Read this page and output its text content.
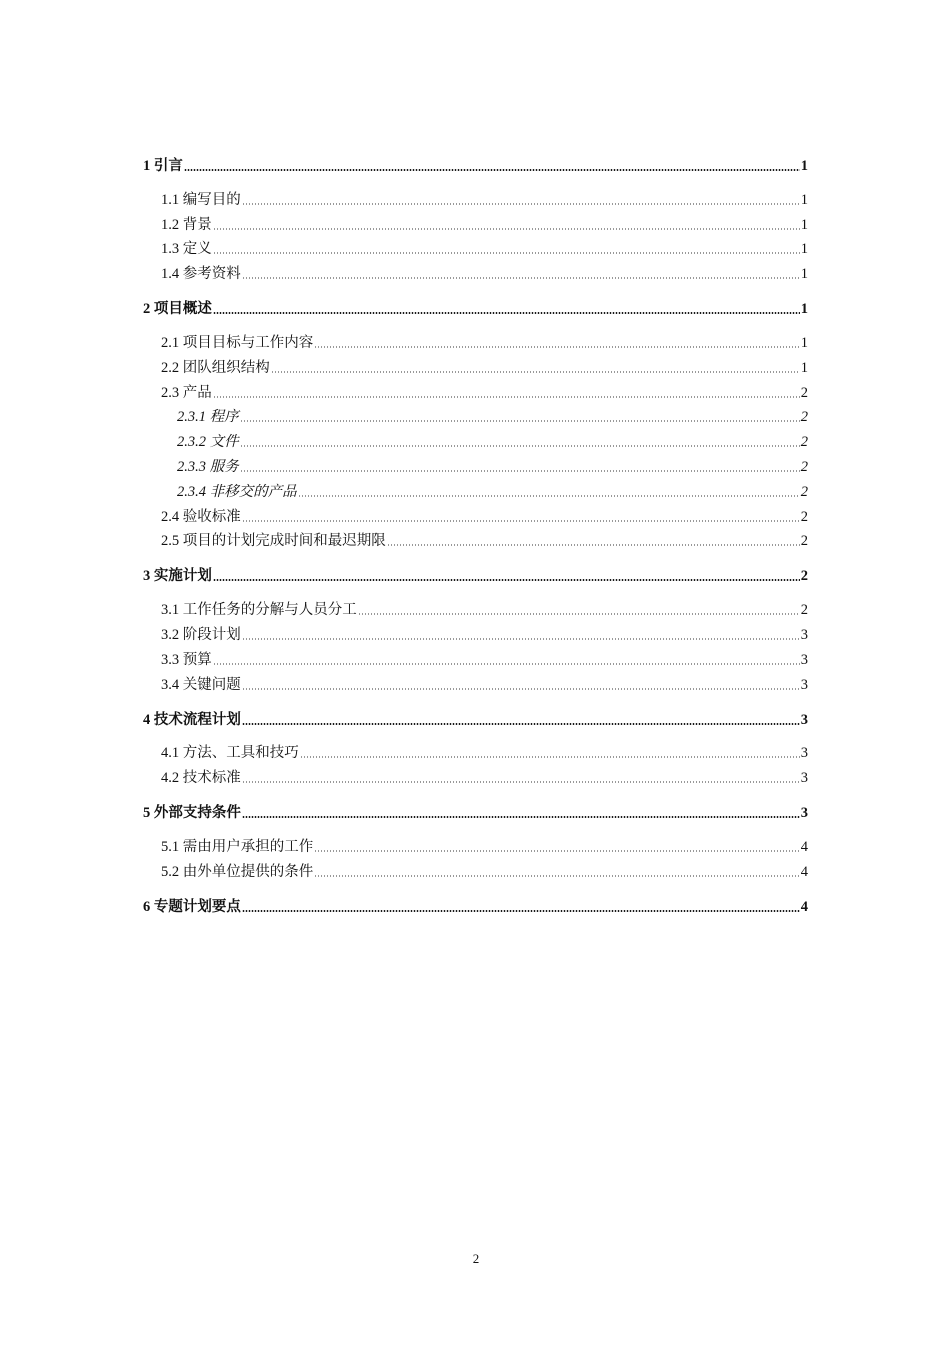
1 引言	1
1.1 编写目的	1
1.2 背景	1
1.3 定义	1
1.4 参考资料	1
2 项目概述	1
2.1 项目目标与工作内容	1
2.2 团队组织结构	1
2.3 产品	2
2.3.1 程序	2
2.3.2 文件	2
2.3.3 服务	2
2.3.4 非移交的产品	2
2.4 验收标准	2
2.5 项目的计划完成时间和最迟期限	2
3 实施计划	2
3.1 工作任务的分解与人员分工	2
3.2 阶段计划	3
3.3 预算	3
3.4 关键问题	3
4 技术流程计划	3
4.1 方法、工具和技巧	3
4.2 技术标准	3
5 外部支持条件	3
5.1 需由用户承担的工作	4
5.2 由外单位提供的条件	4
6 专题计划要点	4
2
